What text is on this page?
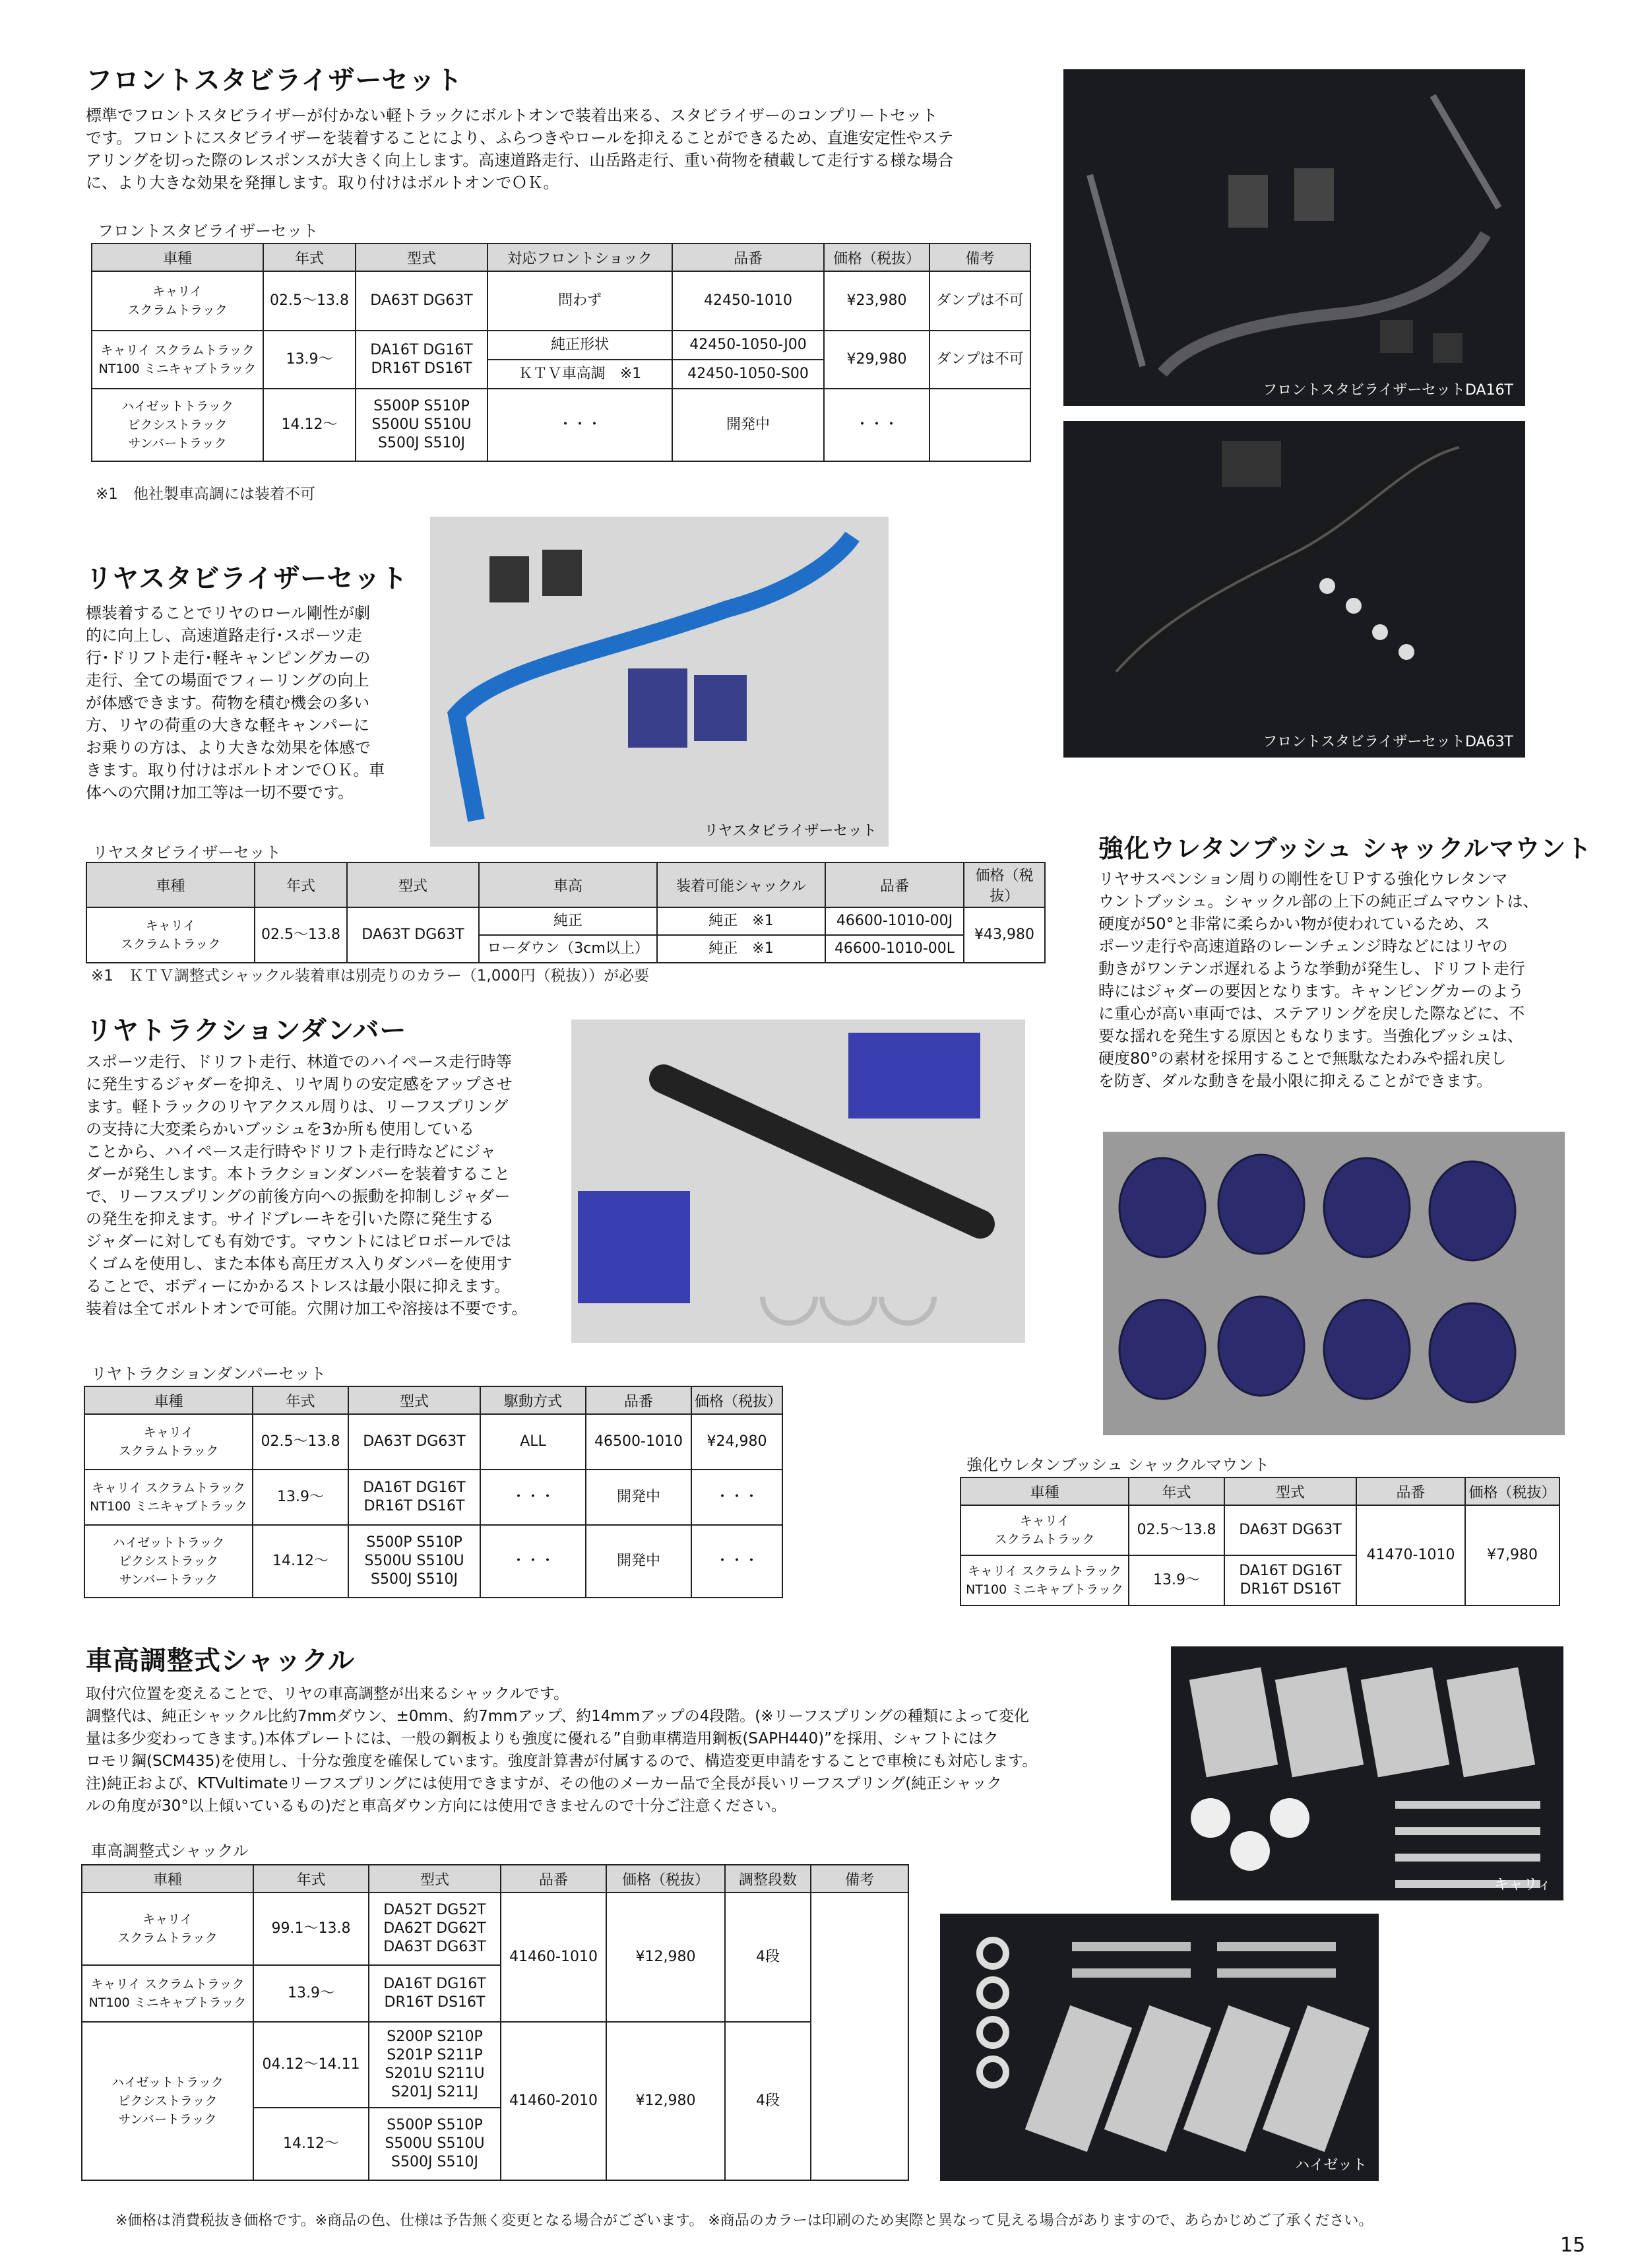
フロントスタビライザーセット

標準でフロントスタビライザーが付かない軽トラックにボルトオンで装着出来る、スタビライザーのコンプリートセット
です。フロントにスタビライザーを装着することにより、ふらつきやロールを抑えることができるため、直進安定性やステ
アリングを切った際のレスポンスが大きく向上します。高速道路走行、山岳路走行、重い荷物を積載して走行する様な場合
に、より大きな効果を発揮します。取り付けはボルトオンでＯＫ。

フロントスタビライザーセット
車種	年式	型式	対応フロントショック	品番	価格（税抜）	備考
キャリイ
スクラムトラック	02.5〜13.8	DA63T DG63T	問わず	42450-1010	¥23,980	ダンプは不可
キャリイ スクラムトラック
NT100 ミニキャブトラック	13.9〜	DA16T DG16T
DR16T DS16T	純正形状	42450-1050-J00	¥29,980	ダンプは不可
			ＫＴＶ車高調　※1	42450-1050-S00		
ハイゼットトラック
ピクシストラック
サンバートラック	14.12〜	S500P S510P
S500U S510U
S500J S510J	・・・	開発中	・・・	
※1　他社製車高調には装着不可
フロントスタビライザーセットDA16T
フロントスタビライザーセットDA63T
リヤスタビライザーセット

標装着することでリヤのロール剛性が劇
的に向上し、高速道路走行･スポーツ走
行･ドリフト走行･軽キャンピングカーの
走行、全ての場面でフィーリングの向上
が体感できます。荷物を積む機会の多い
方、リヤの荷重の大きな軽キャンパーに
お乗りの方は、より大きな効果を体感で
きます。取り付けはボルトオンでＯＫ。車
体への穴開け加工等は一切不要です。

リヤスタビライザーセット
リヤスタビライザーセット
車種	年式	型式	車高	装着可能シャックル	品番	価格（税抜）
キャリイ
スクラムトラック	02.5〜13.8	DA63T DG63T	純正	純正　※1	46600-1010-00J	¥43,980
			ローダウン（3cm以上）	純正　※1	46600-1010-00L	
※1　ＫＴＶ調整式シャックル装着車は別売りのカラー（1,000円（税抜））が必要
リヤトラクションダンバー

スポーツ走行、ドリフト走行、林道でのハイペース走行時等
に発生するジャダーを抑え、リヤ周りの安定感をアップさせ
ます。軽トラックのリヤアクスル周りは、リーフスプリング
の支持に大変柔らかいブッシュを3か所も使用している
ことから、ハイペース走行時やドリフト走行時などにジャ
ダーが発生します。本トラクションダンバーを装着すること
で、リーフスプリングの前後方向への振動を抑制しジャダー
の発生を抑えます。サイドブレーキを引いた際に発生する
ジャダーに対しても有効です。マウントにはピロボールでは
くゴムを使用し、また本体も高圧ガス入りダンパーを使用す
ることで、ボディーにかかるストレスは最小限に抑えます。
装着は全てボルトオンで可能。穴開け加工や溶接は不要です。

リヤトラクションダンパーセット
車種	年式	型式	駆動方式	品番	価格（税抜）
キャリイ
スクラムトラック	02.5〜13.8	DA63T DG63T	ALL	46500-1010	¥24,980
キャリイ スクラムトラック
NT100 ミニキャブトラック	13.9〜	DA16T DG16T
DR16T DS16T	・・・	開発中	・・・
ハイゼットトラック
ピクシストラック
サンバートラック	14.12〜	S500P S510P
S500U S510U
S500J S510J	・・・	開発中	・・・
強化ウレタンブッシュ シャックルマウント

リヤサスペンション周りの剛性をＵＰする強化ウレタンマ
ウントブッシュ。シャックル部の上下の純正ゴムマウントは、
硬度が50°と非常に柔らかい物が使われているため、ス
ポーツ走行や高速道路のレーンチェンジ時などにはリヤの
動きがワンテンポ遅れるような挙動が発生し、ドリフト走行
時にはジャダーの要因となります。キャンピングカーのよう
に重心が高い車両では、ステアリングを戻した際などに、不
要な揺れを発生する原因ともなります。当強化ブッシュは、
硬度80°の素材を採用することで無駄なたわみや揺れ戻し
を防ぎ、ダルな動きを最小限に抑えることができます。

強化ウレタンブッシュ シャックルマウント
車種	年式	型式	品番	価格（税抜）
キャリイ
スクラムトラック	02.5〜13.8	DA63T DG63T	41470-1010	¥7,980
キャリイ スクラムトラック
NT100 ミニキャブトラック	13.9〜	DA16T DG16T
DR16T DS16T		
車高調整式シャックル

取付穴位置を変えることで、リヤの車高調整が出来るシャックルです。
調整代は、純正シャックル比約7mmダウン、±0mm、約7mmアップ、約14mmアップの4段階。(※リーフスプリングの種類によって変化
量は多少変わってきます。)本体プレートには、一般の鋼板よりも強度に優れる”自動車構造用鋼板(SAPH440)”を採用、シャフトにはク
ロモリ鋼(SCM435)を使用し、十分な強度を確保しています。強度計算書が付属するので、構造変更申請をすることで車検にも対応します。
注)純正および、KTVultimateリーフスプリングには使用できますが、その他のメーカー品で全長が長いリーフスプリング(純正シャック
ルの角度が30°以上傾いているもの)だと車高ダウン方向には使用できませんので十分ご注意ください。

車高調整式シャックル
車種	年式	型式	品番	価格（税抜）	調整段数	備考
キャリイ
スクラムトラック	99.1〜13.8	DA52T DG52T
DA62T DG62T
DA63T DG63T	41460-1010	¥12,980	4段	
キャリイ スクラムトラック
NT100 ミニキャブトラック	13.9〜	DA16T DG16T
DR16T DS16T				
ハイゼットトラック
ピクシストラック
サンバートラック	04.12〜14.11	S200P S210P
S201P S211P
S201U S211U
S201J S211J	41460-2010	¥12,980	4段	
	14.12〜	S500P S510P
S500U S510U
S500J S510J				
キャリィ
ハイゼット
※価格は消費税抜き価格です。※商品の色、仕様は予告無く変更となる場合がございます。 ※商品のカラーは印刷のため実際と異なって見える場合がありますので、あらかじめご了承ください。
15
